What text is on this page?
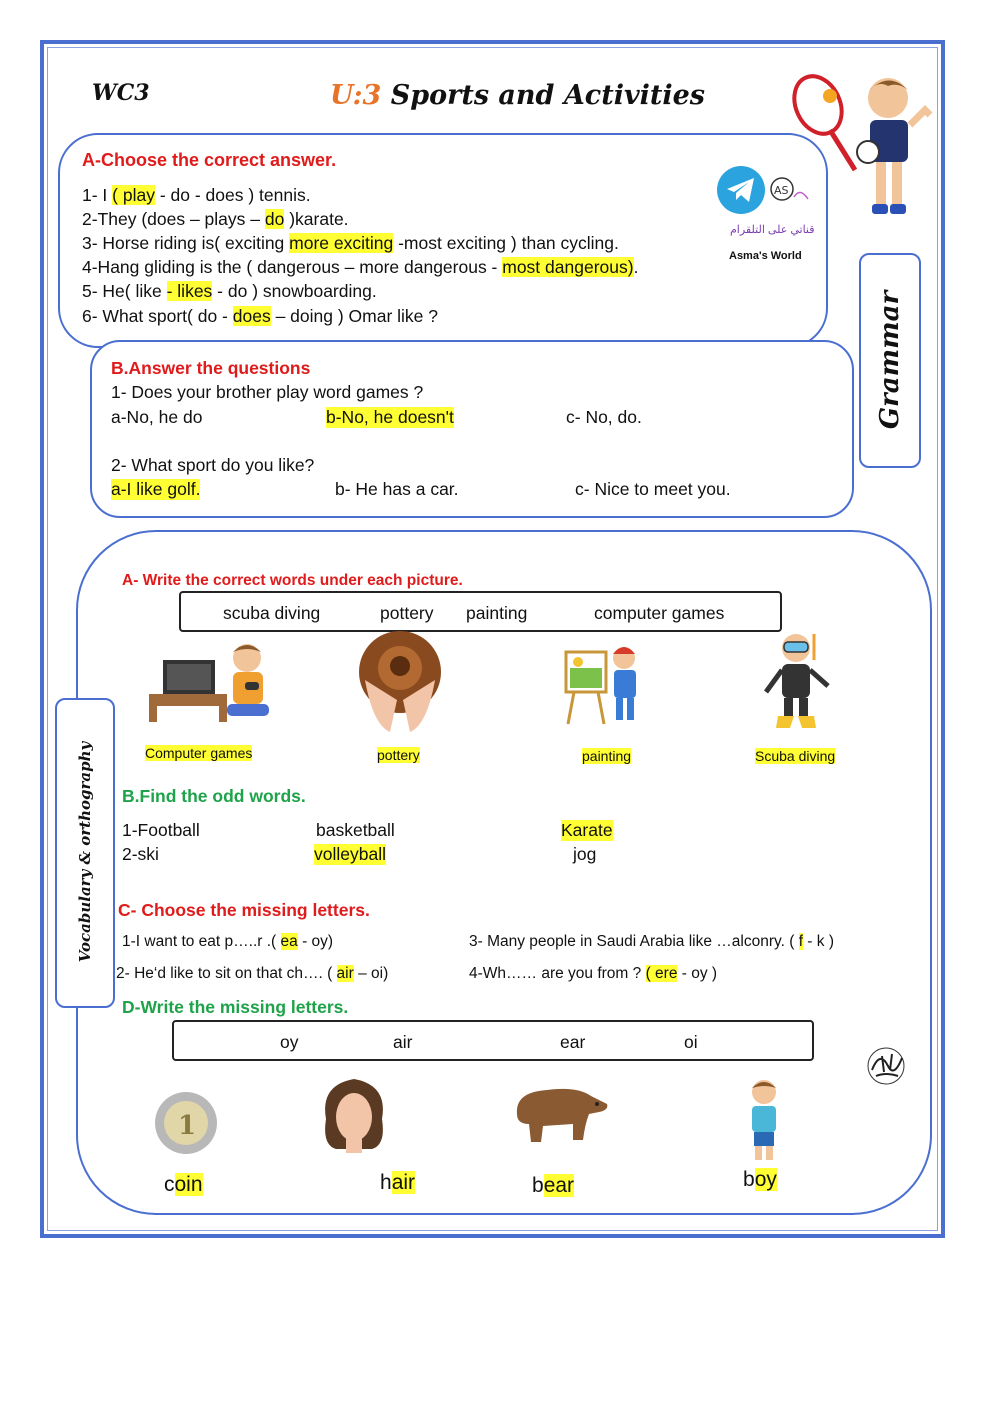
WC3	U:3 Sports and Activities
A-Choose the correct answer.
1- I ( play - do - does ) tennis.
2-They (does – plays – do )karate.
3- Horse riding is( exciting more exciting -most exciting ) than cycling.
4-Hang gliding is the ( dangerous – more dangerous - most dangerous).
5- He( like - likes - do ) snowboarding.
6- What sport( do - does – doing ) Omar like ?
AS
قناتي على التلقرام
Asma's World
Grammar
B.Answer the questions
1- Does your brother play word games ?
a-No, he do	b-No, he doesn't	c- No, do.
2- What sport do you like?
a-I like golf.	b- He has a car.	c- Nice to meet you.
Vocabulary & orthography
A- Write the correct words under each picture.
scuba diving	pottery painting	computer games
Computer games	pottery	painting	Scuba diving
B.Find the odd words.
1-Football	basketball	Karate
2-ski	volleyball	jog
C- Choose the missing letters.
1-I want to eat p…..r .( ea - oy)
2- He‘d like to sit on that ch…. ( air – oi)
3- Many people in Saudi Arabia like …alconry. ( f - k )
4-Wh…… are you from ? ( ere - oy )
D-Write the missing letters.
oy	air	ear	oi
1
coin	hair	bear	boy
